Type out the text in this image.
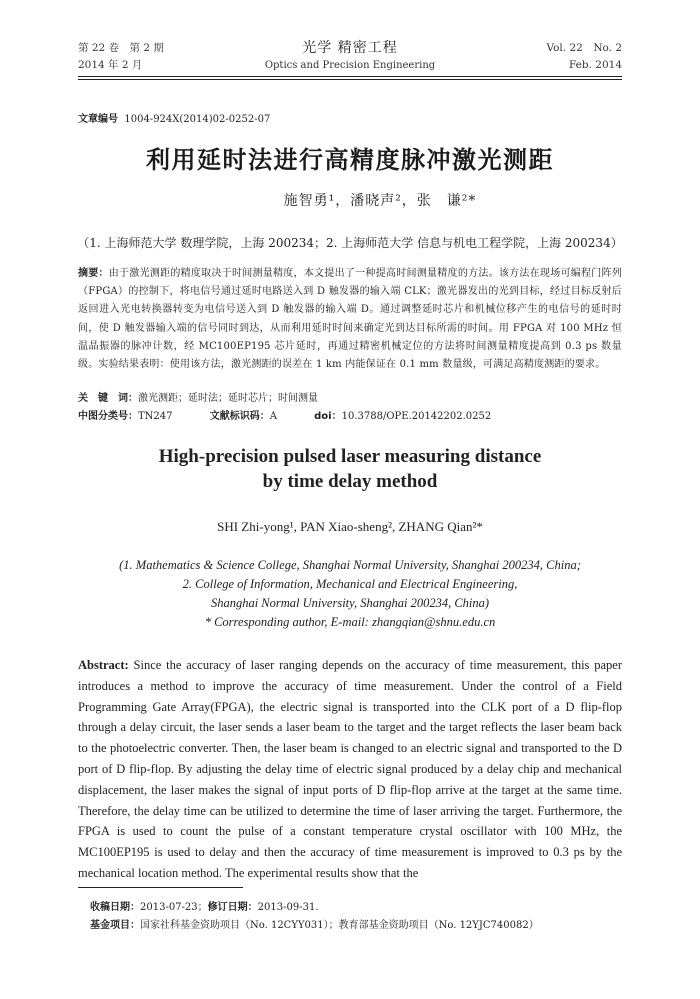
第 22 卷　第 2 期
2014 年 2 月
光学 精密工程
Optics and Precision Engineering
Vol. 22　No. 2
Feb. 2014
文章编号 1004-924X(2014)02-0252-07
利用延时法进行高精度脉冲激光测距
施智勇¹，潘晓声²，张　谦²*
（1. 上海师范大学 数理学院，上海 200234；2. 上海师范大学 信息与机电工程学院，上海 200234）
摘要：由于激光测距的精度取决于时间测量精度，本文提出了一种提高时间测量精度的方法。该方法在现场可编程门阵列（FPGA）的控制下，将电信号通过延时电路送入到 D 触发器的输入端 CLK；激光器发出的光到目标，经过目标反射后返回进入光电转换器转变为电信号送入到 D 触发器的输入端 D。通过调整延时芯片和机械位移产生的电信号的延时时间，使 D 触发器输入端的信号同时到达，从而利用延时时间来确定光到达目标所需的时间。用 FPGA 对 100 MHz 恒温晶振器的脉冲计数，经 MC100EP195 芯片延时，再通过精密机械定位的方法将时间测量精度提高到 0.3 ps 数量级。实验结果表明：使用该方法，激光测距的误差在 1 km 内能保证在 0.1 mm 数量级，可满足高精度测距的要求。
关　键　词：激光测距；延时法；延时芯片；时间测量
中图分类号：TN247	文献标识码：A	doi：10.3788/OPE.20142202.0252
High-precision pulsed laser measuring distance
by time delay method
SHI Zhi-yong¹, PAN Xiao-sheng², ZHANG Qian²*
(1. Mathematics & Science College, Shanghai Normal University, Shanghai 200234, China;
2. College of Information, Mechanical and Electrical Engineering,
Shanghai Normal University, Shanghai 200234, China)
* Corresponding author, E-mail: zhangqian@shnu.edu.cn
Abstract: Since the accuracy of laser ranging depends on the accuracy of time measurement, this paper introduces a method to improve the accuracy of time measurement. Under the control of a Field Programming Gate Array(FPGA), the electric signal is transported into the CLK port of a D flip-flop through a delay circuit, the laser sends a laser beam to the target and the target reflects the laser beam back to the photoelectric converter. Then, the laser beam is changed to an electric signal and transported to the D port of D flip-flop. By adjusting the delay time of electric signal produced by a delay chip and mechanical displacement, the laser makes the signal of input ports of D flip-flop arrive at the target at the same time. Therefore, the delay time can be utilized to determine the time of laser arriving the target. Furthermore, the FPGA is used to count the pulse of a constant temperature crystal oscillator with 100 MHz, the MC100EP195 is used to delay and then the accuracy of time measurement is improved to 0.3 ps by the mechanical location method. The experimental results show that the
收稿日期：2013-07-23；修订日期：2013-09-31.
基金项目：国家社科基金资助项目（No. 12CYY031）；教育部基金资助项目（No. 12YJC740082）
